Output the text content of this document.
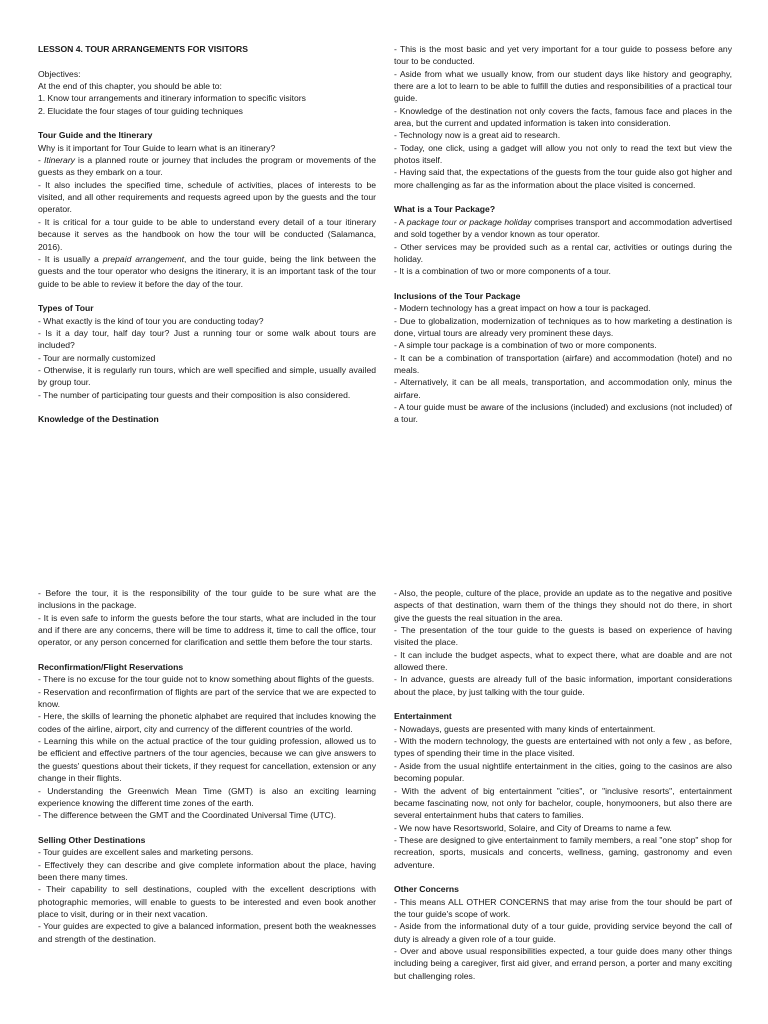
LESSON 4. TOUR ARRANGEMENTS FOR VISITORS

Objectives:

At the end of this chapter, you should be able to:

1. Know tour arrangements and itinerary information to specific visitors

2. Elucidate the four stages of tour guiding techniques

Tour Guide and the Itinerary

Why is it important for Tour Guide to learn what is an itinerary?

- Itinerary is a planned route or journey that includes the program or movements of the guests as they embark on a tour.

- It also includes the specified time, schedule of activities, places of interests to be visited, and all other requirements and requests agreed upon by the guests and the tour operator.

- It is critical for a tour guide to be able to understand every detail of a tour itinerary because it serves as the handbook on how the tour will be conducted (Salamanca, 2016).

- It is usually a prepaid arrangement, and the tour guide, being the link between the guests and the tour operator who designs the itinerary, it is an important task of the tour guide to be able to review it before the day of the tour.

Types of Tour

- What exactly is the kind of tour you are conducting today?

- Is it a day tour, half day tour? Just a running tour or some walk about tours are included?

- Tour are normally customized

- Otherwise, it is regularly run tours, which are well specified and simple, usually availed by group tour.

- The number of participating tour guests and their composition is also considered.

Knowledge of the Destination

- This is the most basic and yet very important for a tour guide to possess before any tour to be conducted.

- Aside from what we usually know, from our student days like history and geography, there are a lot to learn to be able to fulfill the duties and responsibilities of a practical tour guide.

- Knowledge of the destination not only covers the facts, famous face and places in the area, but the current and updated information is taken into consideration.

- Technology now is a great aid to research.

- Today, one click, using a gadget will allow you not only to read the text but view the photos itself.

- Having said that, the expectations of the guests from the tour guide also got higher and more challenging as far as the information about the place visited is concerned.

What is a Tour Package?

- A package tour or package holiday comprises transport and accommodation advertised and sold together by a vendor known as tour operator.

- Other services may be provided such as a rental car, activities or outings during the holiday.

- It is a combination of two or more components of a tour.

Inclusions of the Tour Package

- Modern technology has a great impact on how a tour is packaged.

- Due to globalization, modernization of techniques as to how marketing a destination is done, virtual tours are already very prominent these days.

- A simple tour package is a combination of two or more components.

- It can be a combination of transportation (airfare) and accommodation (hotel) and no meals.

- Alternatively, it can be all meals, transportation, and accommodation only, minus the airfare.

- A tour guide must be aware of the inclusions (included) and exclusions (not included) of a tour.

- Before the tour, it is the responsibility of the tour guide to be sure what are the inclusions in the package.

- It is even safe to inform the guests before the tour starts, what are included in the tour and if there are any concerns, there will be time to address it, time to call the office, tour operator, or any person concerned for clarification and settle them before the tour starts.

Reconfirmation/Flight Reservations

- There is no excuse for the tour guide not to know something about flights of the guests.

- Reservation and reconfirmation of flights are part of the service that we are expected to know.

- Here, the skills of learning the phonetic alphabet are required that includes knowing the codes of the airline, airport, city and currency of the different countries of the world.

- Learning this while on the actual practice of the tour guiding profession, allowed us to be efficient and effective partners of the tour agencies, because we can give answers to the guests' questions about their tickets, if they request for cancellation, extension or any change in their flights.

- Understanding the Greenwich Mean Time (GMT) is also an exciting learning experience knowing the different time zones of the earth.

- The difference between the GMT and the Coordinated Universal Time (UTC).

Selling Other Destinations

- Tour guides are excellent sales and marketing persons.

- Effectively they can describe and give complete information about the place, having been there many times.

- Their capability to sell destinations, coupled with the excellent descriptions with photographic memories, will enable to guests to be interested and even book another place to visit, during or in their next vacation.

- Your guides are expected to give a balanced information, present both the weaknesses and strength of the destination.

- Also, the people, culture of the place, provide an update as to the negative and positive aspects of that destination, warn them of the things they should not do there, in short give the guests the real situation in the area.

- The presentation of the tour guide to the guests is based on experience of having visited the place.

- It can include the budget aspects, what to expect there, what are doable and are not allowed there.

- In advance, guests are already full of the basic information, important considerations about the place, by just talking with the tour guide.

Entertainment

- Nowadays, guests are presented with many kinds of entertainment.

- With the modern technology, the guests are entertained with not only a few , as before, types of spending their time in the place visited.

- Aside from the usual nightlife entertainment in the cities, going to the casinos are also becoming popular.

- With the advent of big entertainment "cities", or "inclusive resorts", entertainment became fascinating now, not only for bachelor, couple, honymooners, but also there are several entertainment hubs that caters to families.

- We now have Resortsworld, Solaire, and City of Dreams to name a few.

- These are designed to give entertainment to family members, a real "one stop" shop for recreation, sports, musicals and concerts, wellness, gaming, gastronomy and even adventure.

Other Concerns

- This means ALL OTHER CONCERNS that may arise from the tour should be part of the tour guide's scope of work.

- Aside from the informational duty of a tour guide, providing service beyond the call of duty is already a given role of a tour guide.

- Over and above usual responsibilities expected, a tour guide does many other things including being a caregiver, first aid giver, and errand person, a porter and many exciting but challenging roles.
